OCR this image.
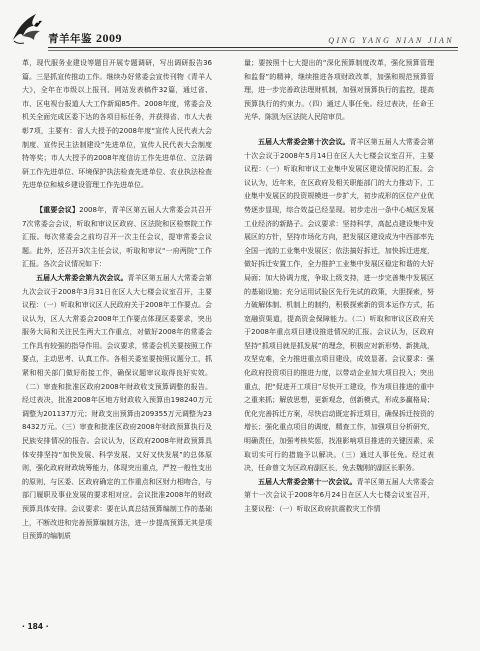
青羊年鉴 2009	QING YANG NIAN JIAN

革，现代服务业建设等题目开展专题调研，写出调研报告36篇。三是抓宣传推动工作。继续办好常委会宣传刊物《青羊人大》，全年在市级以上报刊、网站发表稿件32篇，通过省、市、区电视台报道人大工作新闻85件。2008年度，常委会及机关全面完成区委下达的各项目标任务，并获得省、市人大表彰7项，主要有：省人大授予的2008年度“宣传人民代表大会制度、宣传民主法制建设”先进单位，宣传人民代表大会制度特等奖；市人大授予的2008年度信访工作先进单位、立法调研工作先进单位、环境保护执法检查先进单位、农业执法检查先进单位和城乡建设管理工作先进单位。

【重要会议】2008年，青羊区第五届人大常委会共召开7次常委会会议，听取和审议区政府、区法院和区检察院工作汇报。每次常委会之前均召开一次主任会议，提审常委会议题。此外，还召开3次主任会议，听取和审议“一府两院”工作汇报。各次会议情况如下：

五届人大常委会第九次会议。青羊区第五届人大常委会第九次会议于2008年3月31日在区人大七楼会议室召开，主要议程：（一）听取和审议区人民政府关于2008年工作要点。会议认为，区人大常委会2008年工作要点体现区委要求，突出服务大局和关注民生两大工作重点，对做好2008年的常委会工作具有较强的指导作用。会议要求，常委会机关要按照工作要点，主动思考、认真工作。各相关委室要按照议题分工，抓紧和相关部门做好衔接工作，确保议题审议取得良好实效。（二）审查和批准区政府2008年财政收支预算调整的报告。经过表决，批准2008年区地方财政收入预算由198240万元调整为201137万元；财政支出预算由209355万元调整为238432万元。（三）审查和批准区政府2008年财政预算执行及民族安排情况的报告。会议认为，区政府2008年财政预算具体安排坚持“加快发展、科学发展、又好又快发展”的总体原则，强化政府财政统筹能力，体现突出重点，严控一般性支出的原则，与区委、区政府确定的工作重点和区财力相吻合，与部门履职及事业发展的要求相对应。会议批准2008年的财政预算具体安排。会议要求：要在认真总结预算编制工作的基础上，不断改进和完善预算编制方法，进一步提高预算无其是项目预算的编制质

量；要按照十七大提出的“深化预算制度改革，强化预算管理和监督”的精神，继续推进各项财政改革，加强和规范预算管理，进一步完善政法理财机制，加强对预算执行的监控，提高预算执行的约束力。（四）通过人事任免。经过表决，任命王光华、陈凯为区法院人民陪审员。

五届人大常委会第十次会议。青羊区第五届人大常委会第十次会议于2008年5月14日在区人大七楼会议室召开，主要议程：（一）听取和审议工业集中发展区建设情况的汇报。会议认为，近年来，在区政府及相关职能部门的大力推动下，工业集中发展区的投资规模进一步扩大，初步成形的区位产业优势逐步显现，综合效益已经显现。初步走出一条中心城区发展工业经济的新路子。会议要求：坚持科学，高起点建设集中发展区的方针，坚持市场化方向，把发展区建设成为中西部率先全国一流的工业集中发展区；依法搞好拆迁，加快拆迁进度，做好拆迁安置工作，全力推护工业集中发展区稳定和谐的大好局面；加大协调力度，争取上级支持，进一步完善集中发展区的基础设施；充分运用试验区先行先试的政策，大胆探索，努力破解体制、机制上的制约，积极探索新的资本运作方式，拓宽融资渠道，提高资金保障能力。（二）听取和审议区政府关于2008年重点项目建设推进情况的汇报。会议认为，区政府坚持“抓项目就是抓发展”的理念，积极应对新形势、新挑战，攻坚克难，全力推进重点项目建设，成效显著。会议要求：强化政府投资项目的推进力度，以带动企业加大项目投入；突出重点，把“促进开工项目”尽快开工建设，作为项目推进的重中之重来抓；解放思想，更新观念，创新模式，形成多赢格局；优化完善拆迁方案，尽快启动既定拆迁项目，确保拆迁按资的增长；强化重点项目的调度，精查工作，加强项目分析研究，明确责任，加强考核奖惩，找准影响项目推进的关键因素，采取切实可行的措施予以解决。（三）通过人事任免。经过表决，任命曾文为区政府副区长，免去魏刚的副区长职务。

五届人大常委会第十一次会议。青羊区第五届人大常委会第十一次会议于2008年6月24日在区人大七楼会议室召开，主要议程：（一）听取区政府抗震救灾工作情

· 184 ·
